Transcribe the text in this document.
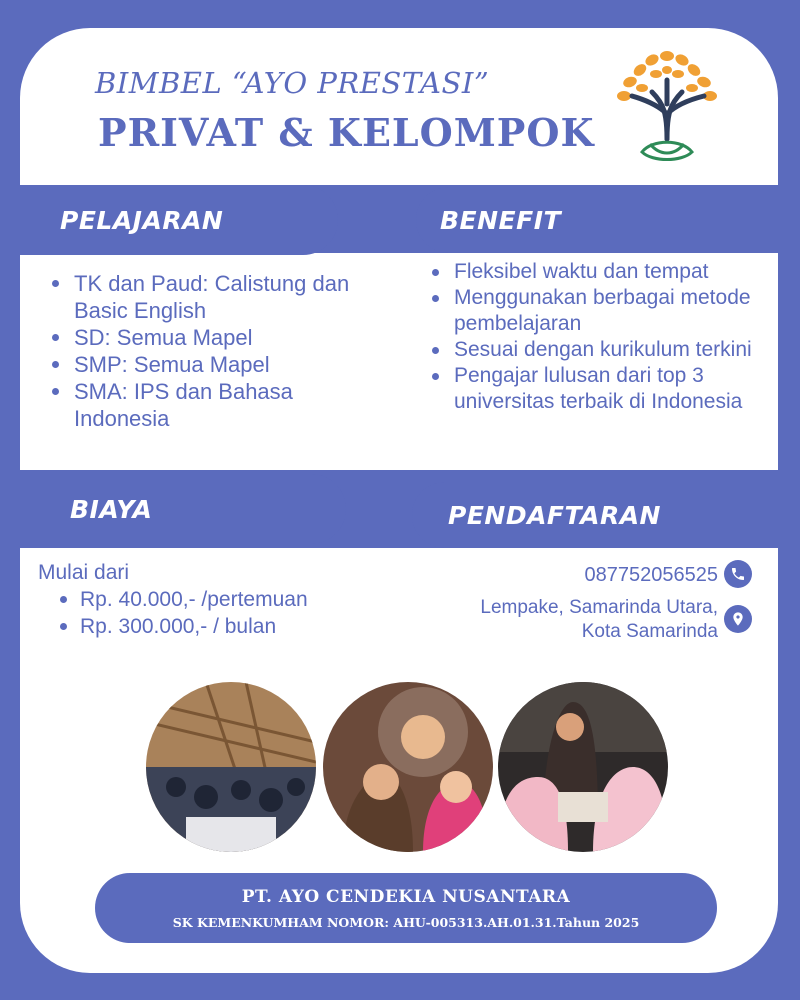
BIMBEL “AYO PRESTASI”
PRIVAT & KELOMPOK
PELAJARAN	BENEFIT
BIAYA	PENDAFTARAN
TK dan Paud: Calistung dan Basic English
SD: Semua Mapel
SMP: Semua Mapel
SMA: IPS dan Bahasa Indonesia
Fleksibel waktu dan tempat
Menggunakan berbagai metode pembelajaran
Sesuai dengan kurikulum terkini
Pengajar lulusan dari top 3 universitas terbaik di Indonesia
Mulai dari
Rp. 40.000,- /pertemuan
Rp. 300.000,- / bulan
087752056525
Lempake, Samarinda Utara,
Kota Samarinda
PT. AYO CENDEKIA NUSANTARA
SK KEMENKUMHAM NOMOR: AHU-005313.AH.01.31.Tahun 2025
